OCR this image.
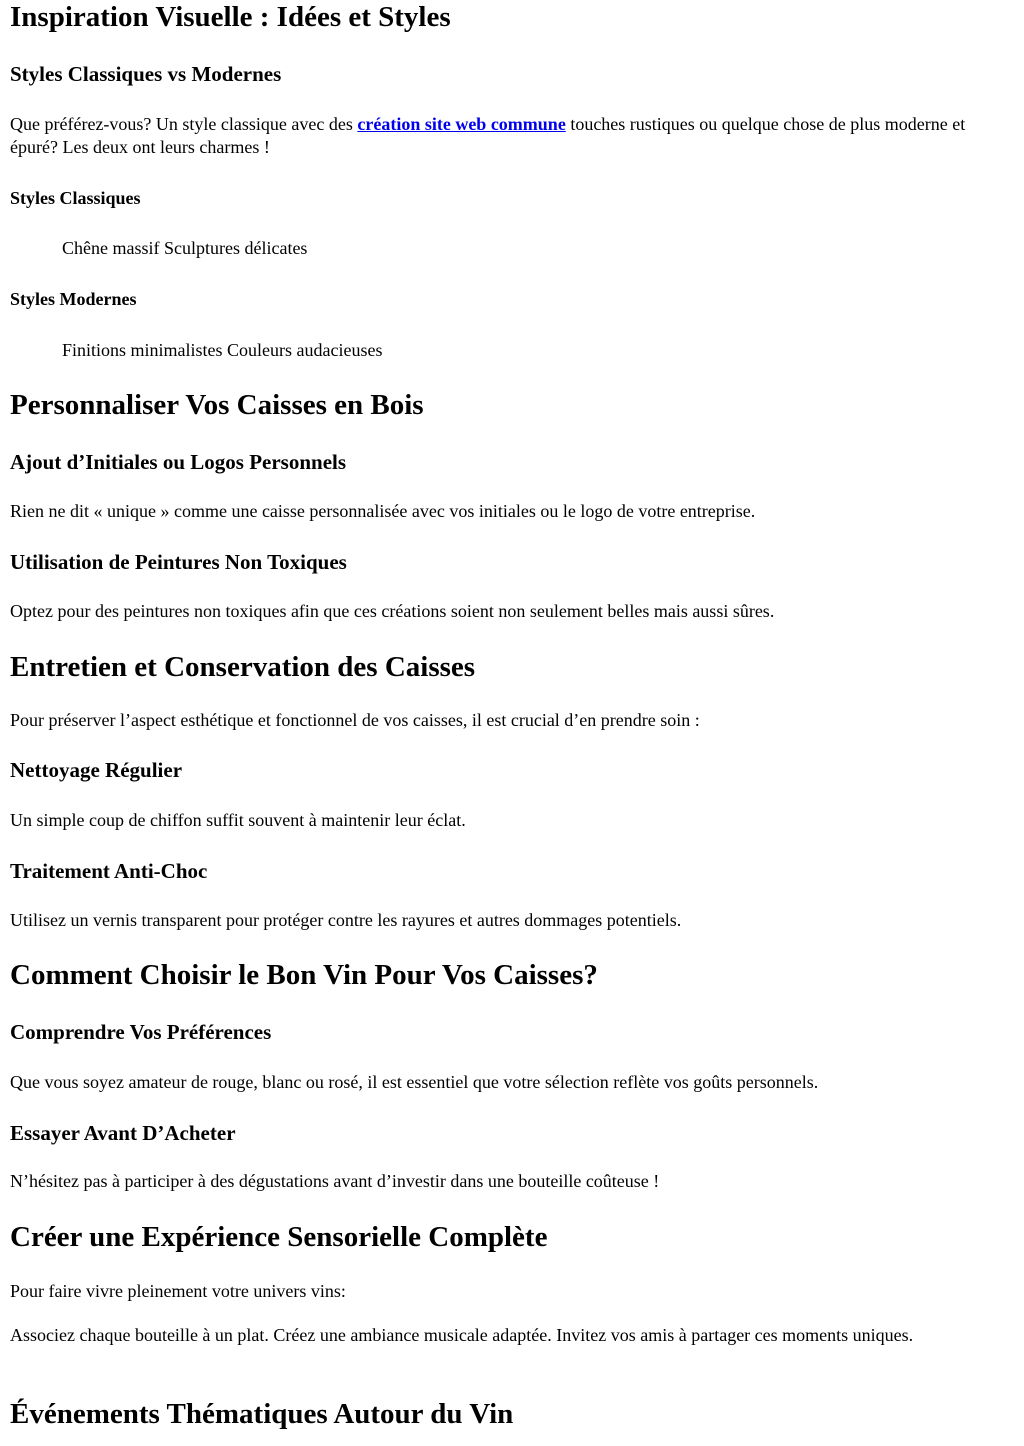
Inspiration Visuelle : Idées et Styles
Styles Classiques vs Modernes

Que préférez-vous? Un style classique avec des création site web commune touches rustiques ou quelque chose de plus moderne et épuré? Les deux ont leurs charmes !

Styles Classiques

Chêne massif Sculptures délicates

Styles Modernes

Finitions minimalistes Couleurs audacieuses

Personnaliser Vos Caisses en Bois
Ajout d’Initiales ou Logos Personnels

Rien ne dit « unique » comme une caisse personnalisée avec vos initiales ou le logo de votre entreprise.

Utilisation de Peintures Non Toxiques

Optez pour des peintures non toxiques afin que ces créations soient non seulement belles mais aussi sûres.

Entretien et Conservation des Caisses

Pour préserver l’aspect esthétique et fonctionnel de vos caisses, il est crucial d’en prendre soin :

Nettoyage Régulier

Un simple coup de chiffon suffit souvent à maintenir leur éclat.

Traitement Anti-Choc

Utilisez un vernis transparent pour protéger contre les rayures et autres dommages potentiels.

Comment Choisir le Bon Vin Pour Vos Caisses?
Comprendre Vos Préférences

Que vous soyez amateur de rouge, blanc ou rosé, il est essentiel que votre sélection reflète vos goûts personnels.

Essayer Avant D’Acheter

N’hésitez pas à participer à des dégustations avant d’investir dans une bouteille coûteuse !

Créer une Expérience Sensorielle Complète

Pour faire vivre pleinement votre univers vins:

Associez chaque bouteille à un plat. Créez une ambiance musicale adaptée. Invitez vos amis à partager ces moments uniques.

Événements Thématiques Autour du Vin
